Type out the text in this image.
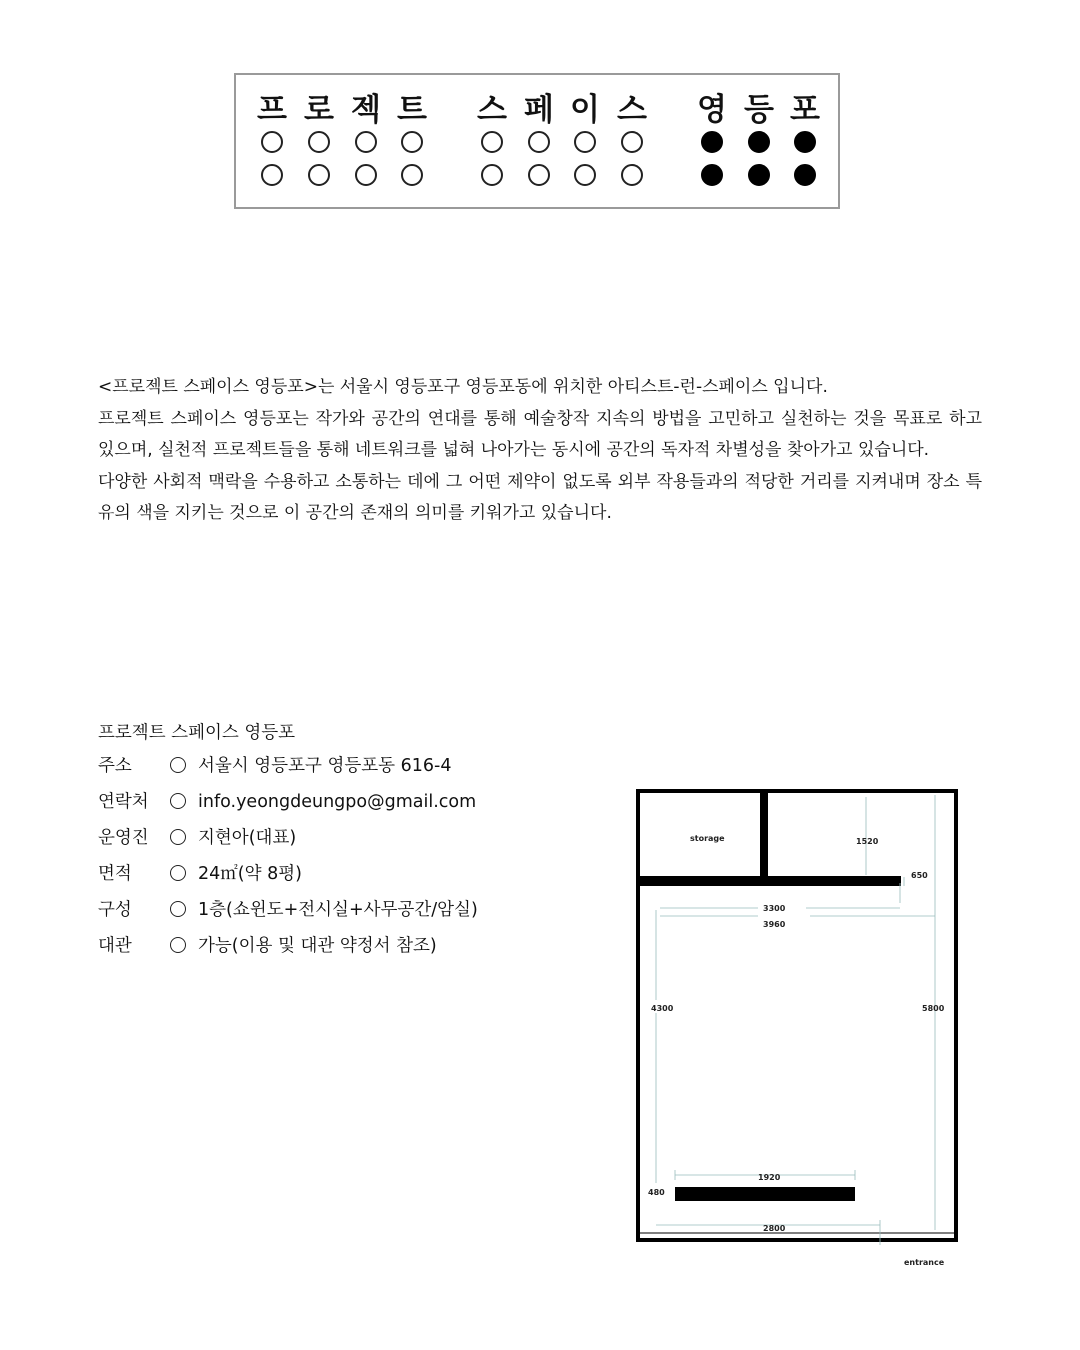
프 로 젝 트 스 페 이 스 영 등 포

<프로젝트 스페이스 영등포>는 서울시 영등포구 영등포동에 위치한 아티스트-런-스페이스 입니다.

프로젝트 스페이스 영등포는 작가와 공간의 연대를 통해 예술창작 지속의 방법을 고민하고 실천하는 것을 목표로 하고 있으며, 실천적 프로젝트들을 통해 네트워크를 넓혀 나아가는 동시에 공간의 독자적 차별성을 찾아가고 있습니다.

다양한 사회적 맥락을 수용하고 소통하는 데에 그 어떤 제약이 없도록 외부 작용들과의 적당한 거리를 지켜내며 장소 특유의 색을 지키는 것으로 이 공간의 존재의 의미를 키워가고 있습니다.

프로젝트 스페이스 영등포
주소	서울시 영등포구 영등포동 616-4
연락처	info.yeongdeungpo@gmail.com
운영진	지현아(대표)
면적	24㎡(약 8평)
구성	1층(쇼윈도+전시실+사무공간/암실)
대관	가능(이용 및 대관 약정서 참조)
storage	1520
650
3300
3960
4300	5800
1920
480
2800
entrance
